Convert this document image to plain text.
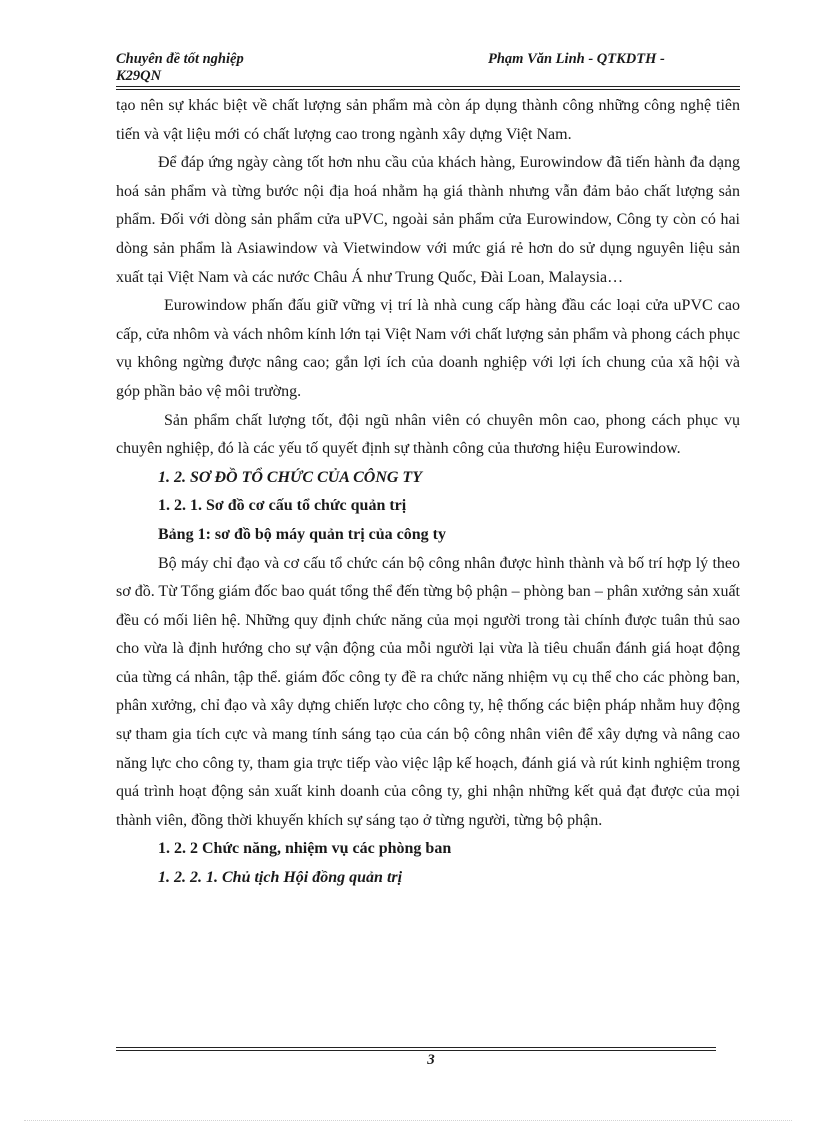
Chuyên đề tốt nghiệp	Phạm Văn Linh - QTKDTH -
K29QN

tạo nên sự khác biệt về chất lượng sản phẩm mà còn áp dụng thành công những công nghệ tiên tiến và vật liệu mới có chất lượng cao trong ngành xây dựng Việt Nam.

Để đáp ứng ngày càng tốt hơn nhu cầu của khách hàng, Eurowindow đã tiến hành đa dạng hoá sản phẩm và từng bước nội địa hoá nhằm hạ giá thành nhưng vẫn đảm bảo chất lượng sản phẩm. Đối với dòng sản phẩm cửa uPVC, ngoài sản phẩm cửa Eurowindow, Công ty còn có hai dòng sản phẩm là Asiawindow và Vietwindow với mức giá rẻ hơn do sử dụng nguyên liệu sản xuất tại Việt Nam và các nước Châu Á như Trung Quốc, Đài Loan, Malaysia…

Eurowindow phấn đấu giữ vững vị trí là nhà cung cấp hàng đầu các loại cửa uPVC cao cấp, cửa nhôm và vách nhôm kính lớn tại Việt Nam với chất lượng sản phẩm và phong cách phục vụ không ngừng được nâng cao; gắn lợi ích của doanh nghiệp với lợi ích chung của xã hội và góp phần bảo vệ môi trường.

Sản phẩm chất lượng tốt, đội ngũ nhân viên có chuyên môn cao, phong cách phục vụ chuyên nghiệp, đó là các yếu tố quyết định sự thành công của thương hiệu Eurowindow.

1. 2. SƠ ĐỒ TỔ CHỨC CỦA CÔNG TY

1. 2. 1. Sơ đồ cơ cấu tổ chức quản trị

Bảng 1: sơ đồ bộ máy quản trị của công ty

Bộ máy chỉ đạo và cơ cấu tổ chức cán bộ công nhân được hình thành và bố trí hợp lý theo sơ đồ. Từ Tổng giám đốc bao quát tổng thể đến từng bộ phận – phòng ban – phân xưởng sản xuất đều có mối liên hệ. Những quy định chức năng của mọi người trong tài chính được tuân thủ sao cho vừa là định hướng cho sự vận động của mỗi người lại vừa là tiêu chuẩn đánh giá hoạt động của từng cá nhân, tập thể. giám đốc công ty đề ra chức năng nhiệm vụ cụ thể cho các phòng ban, phân xưởng, chỉ đạo và xây dựng chiến lược cho công ty, hệ thống các biện pháp nhằm huy động sự tham gia tích cực và mang tính sáng tạo của cán bộ công nhân viên để xây dựng và nâng cao năng lực cho công ty, tham gia trực tiếp vào việc lập kế hoạch, đánh giá và rút kinh nghiệm trong quá trình hoạt động sản xuất kinh doanh của công ty, ghi nhận những kết quả đạt được của mọi thành viên, đồng thời khuyến khích sự sáng tạo ở từng người, từng bộ phận.

1. 2. 2 Chức năng, nhiệm vụ các phòng ban

1. 2. 2. 1. Chủ tịch Hội đồng quản trị

3
